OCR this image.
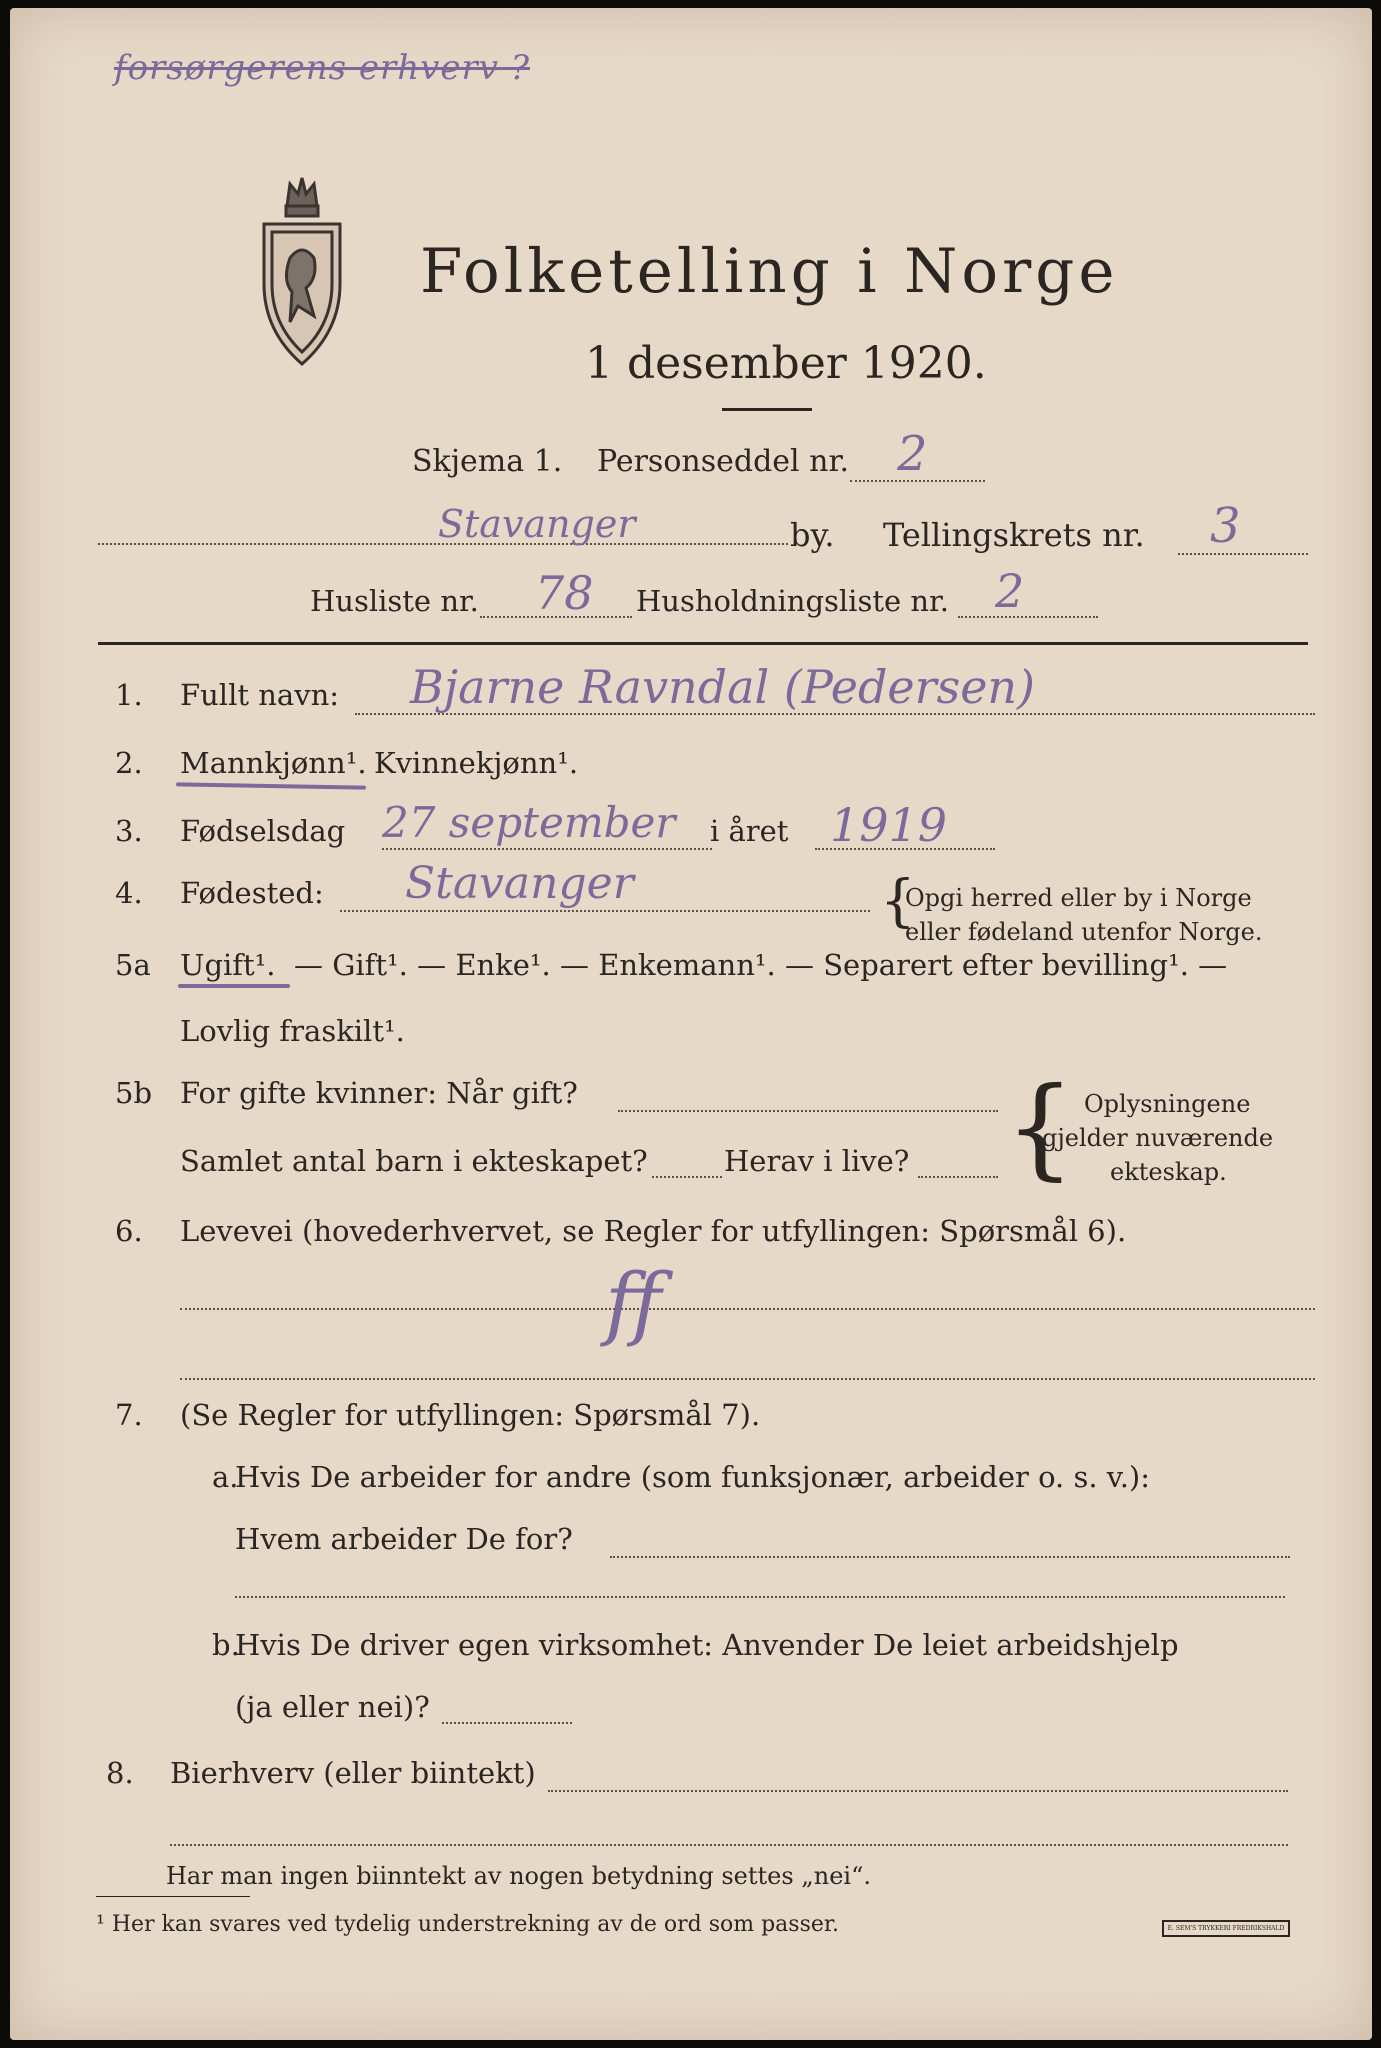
forsørgerens erhverv ?
Folketelling i Norge
1 desember 1920.
Skjema 1. Personseddel nr. 2
Stavanger	by. Tellingskrets nr. 3
Husliste nr. 78 Husholdningsliste nr. 2
1. Fullt navn: Bjarne Ravndal (Pedersen)
2. Mannkjønn¹. Kvinnekjønn¹.
3. Fødselsdag 27 september i året 1919
4. Fødested: Stavanger	{
Opgi herred eller by i Norge
eller fødeland utenfor Norge.
5a Ugift¹. — Gift¹. — Enke¹. — Enkemann¹. — Separert efter bevilling¹. —
Lovlig fraskilt¹.
5b For gifte kvinner: Når gift?
Samlet antal barn i ekteskapet?	Herav i live? { Oplysningene
gjelder nuværende
ekteskap.
6. Levevei (hovederhvervet, se Regler for utfyllingen: Spørsmål 6).
ff
7. (Se Regler for utfyllingen: Spørsmål 7).
a.
Hvis De arbeider for andre (som funksjonær, arbeider o. s. v.):
Hvem arbeider De for?
b.
Hvis De driver egen virksomhet: Anvender De leiet arbeidshjelp
(ja eller nei)?
8. Bierhverv (eller biintekt)
Har man ingen biinntekt av nogen betydning settes „nei“.
¹ Her kan svares ved tydelig understrekning av de ord som passer.	E. SEM'S TRYKKERI FREDRIKSHALD
